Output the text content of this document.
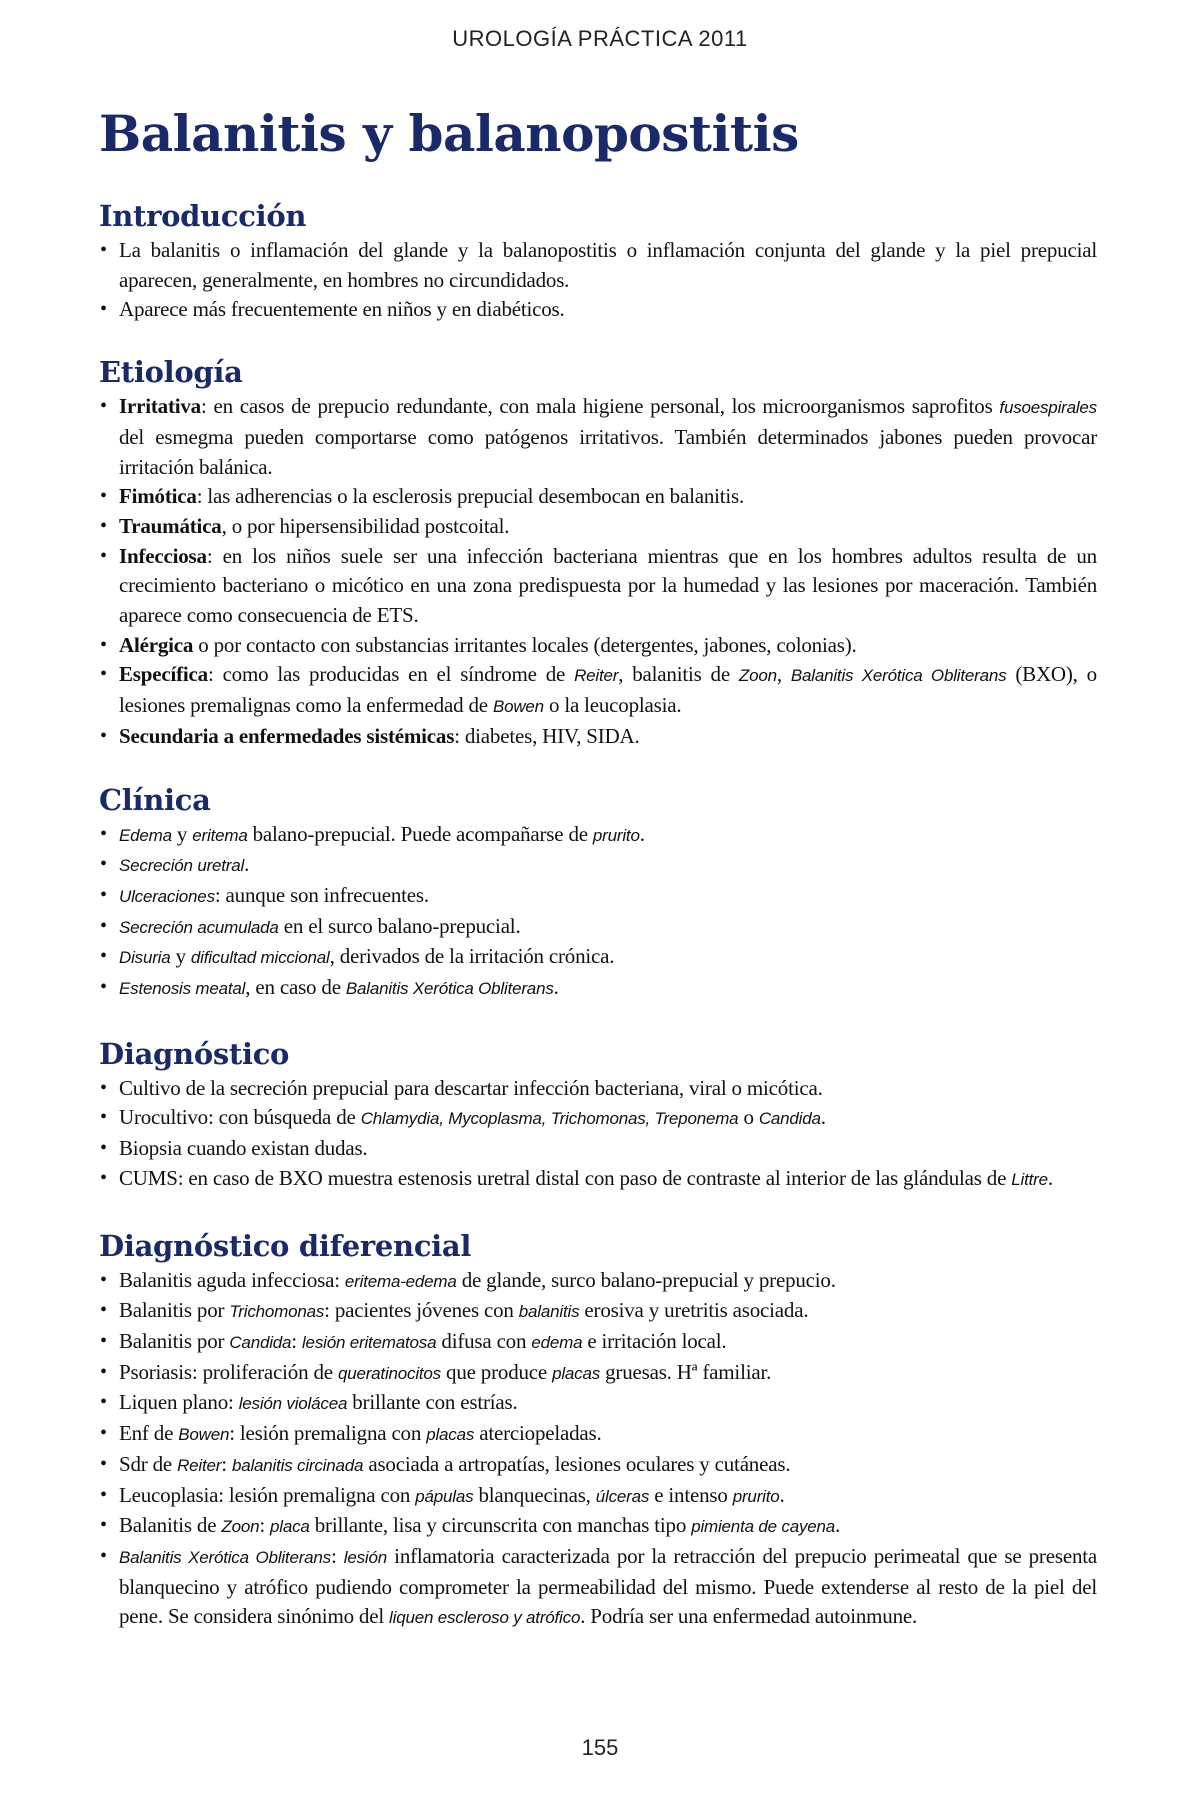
UROLOGÍA PRÁCTICA 2011
Balanitis y balanopostitis
Introducción
• La balanitis o inflamación del glande y la balanopostitis o inflamación conjunta del glande y la piel prepucial aparecen, generalmente, en hombres no circundidados.
• Aparece más frecuentemente en niños y en diabéticos.
Etiología
• Irritativa: en casos de prepucio redundante, con mala higiene personal, los microorganismos saprofitos fusoespirales del esmegma pueden comportarse como patógenos irritativos. También determinados jabones pueden provocar irritación balánica.
• Fimótica: las adherencias o la esclerosis prepucial desembocan en balanitis.
• Traumática, o por hipersensibilidad postcoital.
• Infecciosa: en los niños suele ser una infección bacteriana mientras que en los hombres adultos resulta de un crecimiento bacteriano o micótico en una zona predispuesta por la humedad y las lesiones por maceración. También aparece como consecuencia de ETS.
• Alérgica o por contacto con substancias irritantes locales (detergentes, jabones, colonias).
• Específica: como las producidas en el síndrome de Reiter, balanitis de Zoon, Balanitis Xerótica Obliterans (BXO), o lesiones premalignas como la enfermedad de Bowen o la leucoplasia.
• Secundaria a enfermedades sistémicas: diabetes, HIV, SIDA.
Clínica
• Edema y eritema balano-prepucial. Puede acompañarse de prurito.
• Secreción uretral.
• Ulceraciones: aunque son infrecuentes.
• Secreción acumulada en el surco balano-prepucial.
• Disuria y dificultad miccional, derivados de la irritación crónica.
• Estenosis meatal, en caso de Balanitis Xerótica Obliterans.
Diagnóstico
• Cultivo de la secreción prepucial para descartar infección bacteriana, viral o micótica.
• Urocultivo: con búsqueda de Chlamydia, Mycoplasma, Trichomonas, Treponema o Candida.
• Biopsia cuando existan dudas.
• CUMS: en caso de BXO muestra estenosis uretral distal con paso de contraste al interior de las glándulas de Littre.
Diagnóstico diferencial
• Balanitis aguda infecciosa: eritema-edema de glande, surco balano-prepucial y prepucio.
• Balanitis por Trichomonas: pacientes jóvenes con balanitis erosiva y uretritis asociada.
• Balanitis por Candida: lesión eritematosa difusa con edema e irritación local.
• Psoriasis: proliferación de queratinocitos que produce placas gruesas. Hª familiar.
• Liquen plano: lesión violácea brillante con estrías.
• Enf de Bowen: lesión premaligna con placas aterciopeladas.
• Sdr de Reiter: balanitis circinada asociada a artropatías, lesiones oculares y cutáneas.
• Leucoplasia: lesión premaligna con pápulas blanquecinas, úlceras e intenso prurito.
• Balanitis de Zoon: placa brillante, lisa y circunscrita con manchas tipo pimienta de cayena.
• Balanitis Xerótica Obliterans: lesión inflamatoria caracterizada por la retracción del prepucio perimeatal que se presenta blanquecino y atrófico pudiendo comprometer la permeabilidad del mismo. Puede extenderse al resto de la piel del pene. Se considera sinónimo del liquen escleroso y atrófico. Podría ser una enfermedad autoinmune.
155
